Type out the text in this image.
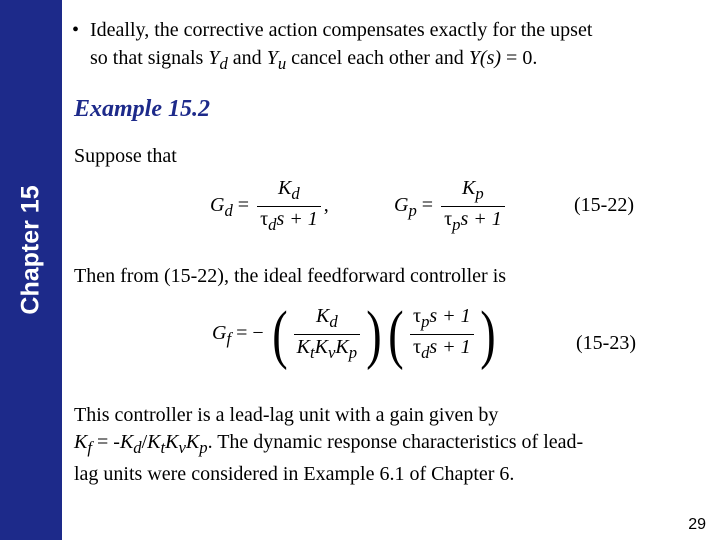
Chapter 15
• Ideally, the corrective action compensates exactly for the upset
so that signals $Y_d$ and $Y_u$ cancel each other and Y(s) = 0.
Example 15.2
Suppose that
$G_d = \frac{K_d}{\tau_ds + 1}$ ,	$G_p = \frac{K_p}{\tau_ps + 1}$	(15-22)
Then from (15-22), the ideal feedforward controller is
$G_f$ = − ( $\frac{K_d}{K_tK_vK_p}$ )( $\frac{\tau_ps + 1}{\tau_ds + 1}$ )	(15-23)
This controller is a lead-lag unit with a gain given by
$K_f = -K_d/K_tK_vK_p$. The dynamic response characteristics of lead-
lag units were considered in Example 6.1 of Chapter 6.
29
